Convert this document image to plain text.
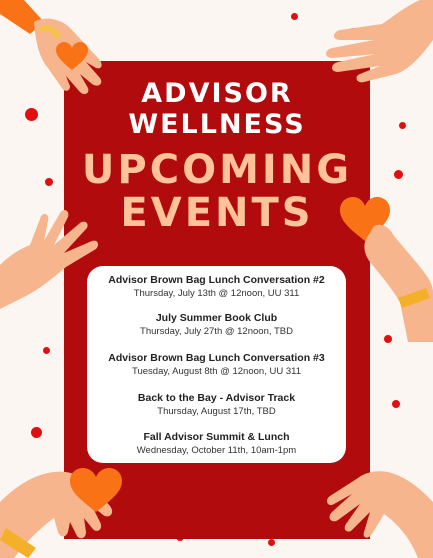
ADVISOR
WELLNESS
UPCOMING
EVENTS
Advisor Brown Bag Lunch Conversation #2
Thursday, July 13th @ 12noon, UU 311
July Summer Book Club
Thursday, July 27th @ 12noon, TBD
Advisor Brown Bag Lunch Conversation #3
Tuesday, August 8th @ 12noon, UU 311
Back to the Bay - Advisor Track
Thursday, August 17th, TBD
Fall Advisor Summit & Lunch
Wednesday, October 11th, 10am-1pm
